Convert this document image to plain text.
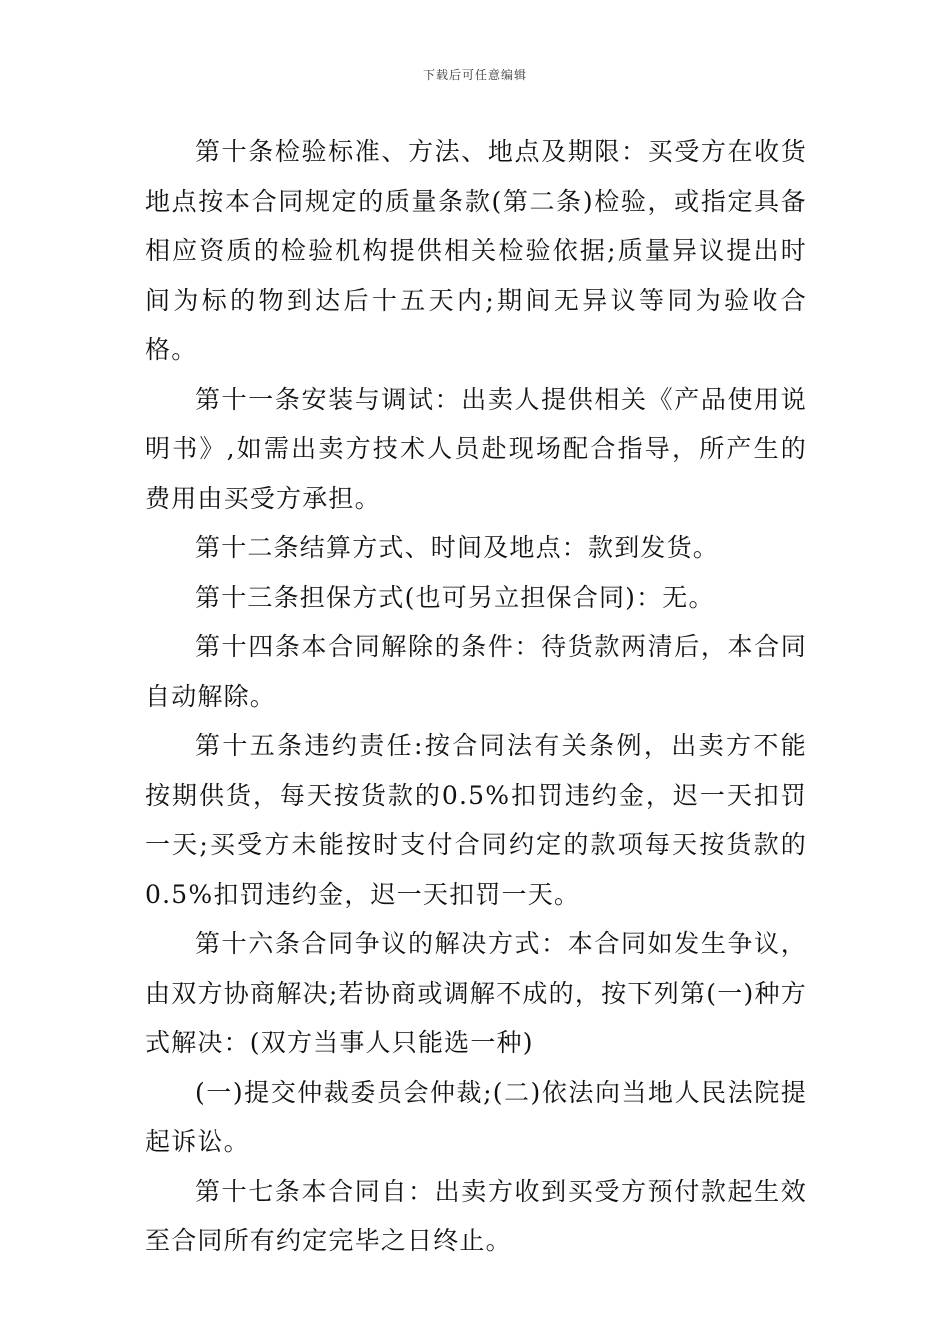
下载后可任意编辑

第十条检验标准、方法、地点及期限：买受方在收货地点按本合同规定的质量条款(第二条)检验，或指定具备相应资质的检验机构提供相关检验依据;质量异议提出时间为标的物到达后十五天内;期间无异议等同为验收合格。

第十一条安装与调试：出卖人提供相关《产品使用说明书》,如需出卖方技术人员赴现场配合指导，所产生的费用由买受方承担。

第十二条结算方式、时间及地点：款到发货。

第十三条担保方式(也可另立担保合同)：无。

第十四条本合同解除的条件：待货款两清后，本合同自动解除。

第十五条违约责任:按合同法有关条例，出卖方不能按期供货，每天按货款的0.5%扣罚违约金，迟一天扣罚一天;买受方未能按时支付合同约定的款项每天按货款的0.5%扣罚违约金，迟一天扣罚一天。

第十六条合同争议的解决方式：本合同如发生争议，由双方协商解决;若协商或调解不成的，按下列第(一)种方式解决：(双方当事人只能选一种)

(一)提交仲裁委员会仲裁;(二)依法向当地人民法院提起诉讼。

第十七条本合同自：出卖方收到买受方预付款起生效至合同所有约定完毕之日终止。
